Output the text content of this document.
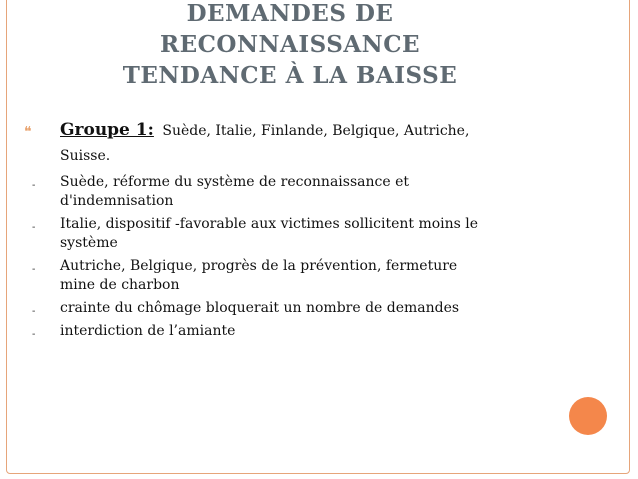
DEMANDES DE
RECONNAISSANCE
TENDANCE À LA BAISSE
❝ Groupe 1: Suède, Italie, Finlande, Belgique, Autriche,
Suisse.
- Suède, réforme du système de reconnaissance et
d'indemnisation
- Italie, dispositif -favorable aux victimes sollicitent moins le
système
- Autriche, Belgique, progrès de la prévention, fermeture
mine de charbon
- crainte du chômage bloquerait un nombre de demandes
- interdiction de l’amiante
